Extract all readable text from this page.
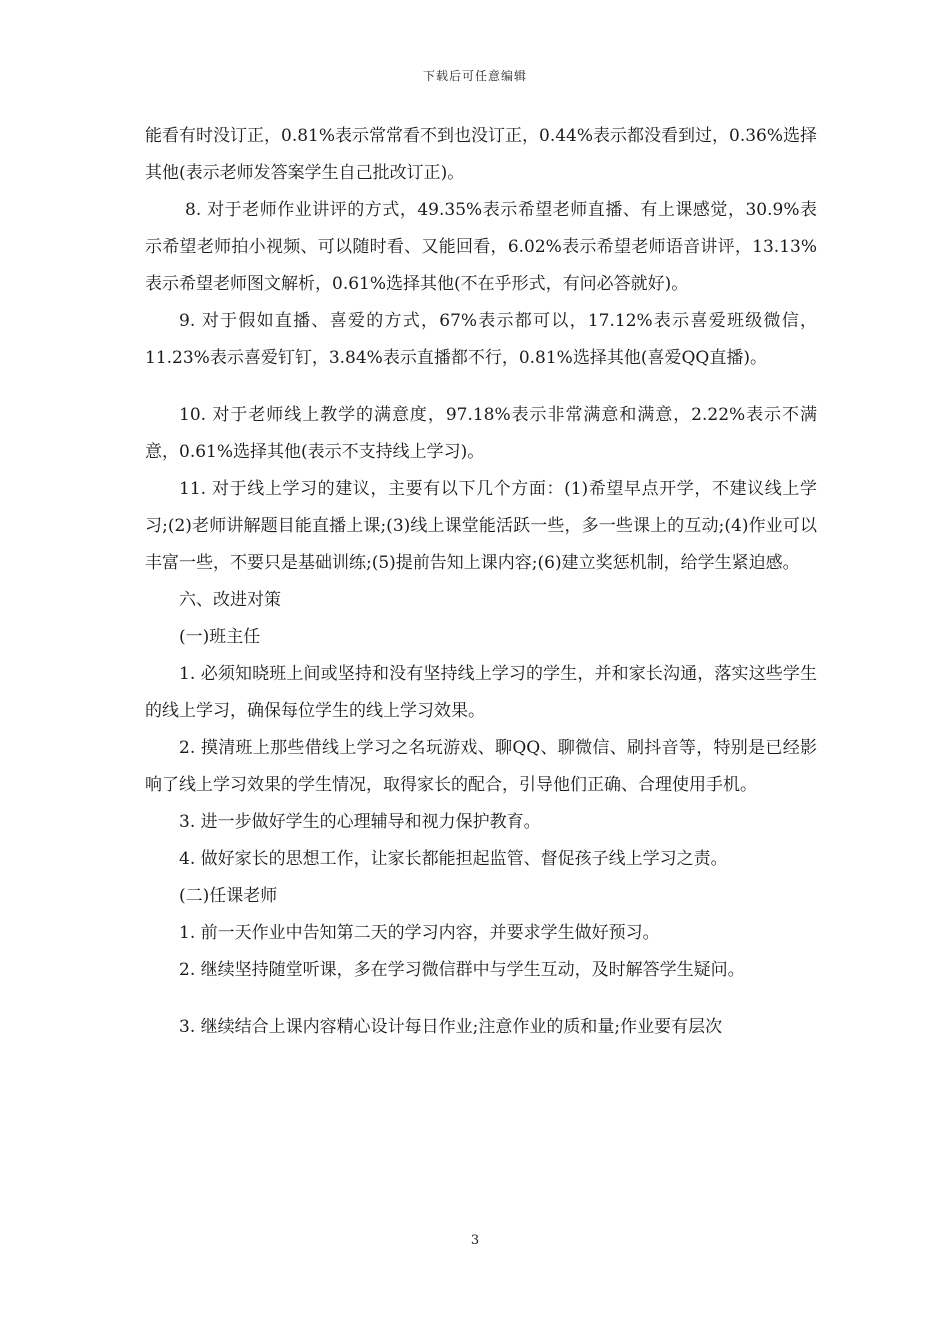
下载后可任意编辑

能看有时没订正，0.81%表示常常看不到也没订正，0.44%表示都没看到过，0.36%选择其他(表示老师发答案学生自己批改订正)。

8. 对于老师作业讲评的方式，49.35%表示希望老师直播、有上课感觉，30.9%表示希望老师拍小视频、可以随时看、又能回看，6.02%表示希望老师语音讲评，13.13%表示希望老师图文解析，0.61%选择其他(不在乎形式，有问必答就好)。

9. 对于假如直播、喜爱的方式，67%表示都可以，17.12%表示喜爱班级微信，11.23%表示喜爱钉钉，3.84%表示直播都不行，0.81%选择其他(喜爱QQ直播)。

10. 对于老师线上教学的满意度，97.18%表示非常满意和满意，2.22%表示不满意，0.61%选择其他(表示不支持线上学习)。

11. 对于线上学习的建议，主要有以下几个方面：(1)希望早点开学，不建议线上学习;(2)老师讲解题目能直播上课;(3)线上课堂能活跃一些，多一些课上的互动;(4)作业可以丰富一些，不要只是基础训练;(5)提前告知上课内容;(6)建立奖惩机制，给学生紧迫感。

六、改进对策

(一)班主任

1. 必须知晓班上间或坚持和没有坚持线上学习的学生，并和家长沟通，落实这些学生的线上学习，确保每位学生的线上学习效果。

2. 摸清班上那些借线上学习之名玩游戏、聊QQ、聊微信、刷抖音等，特别是已经影响了线上学习效果的学生情况，取得家长的配合，引导他们正确、合理使用手机。

3. 进一步做好学生的心理辅导和视力保护教育。

4. 做好家长的思想工作，让家长都能担起监管、督促孩子线上学习之责。

(二)任课老师

1. 前一天作业中告知第二天的学习内容，并要求学生做好预习。

2. 继续坚持随堂听课，多在学习微信群中与学生互动，及时解答学生疑问。

3. 继续结合上课内容精心设计每日作业;注意作业的质和量;作业要有层次

3
